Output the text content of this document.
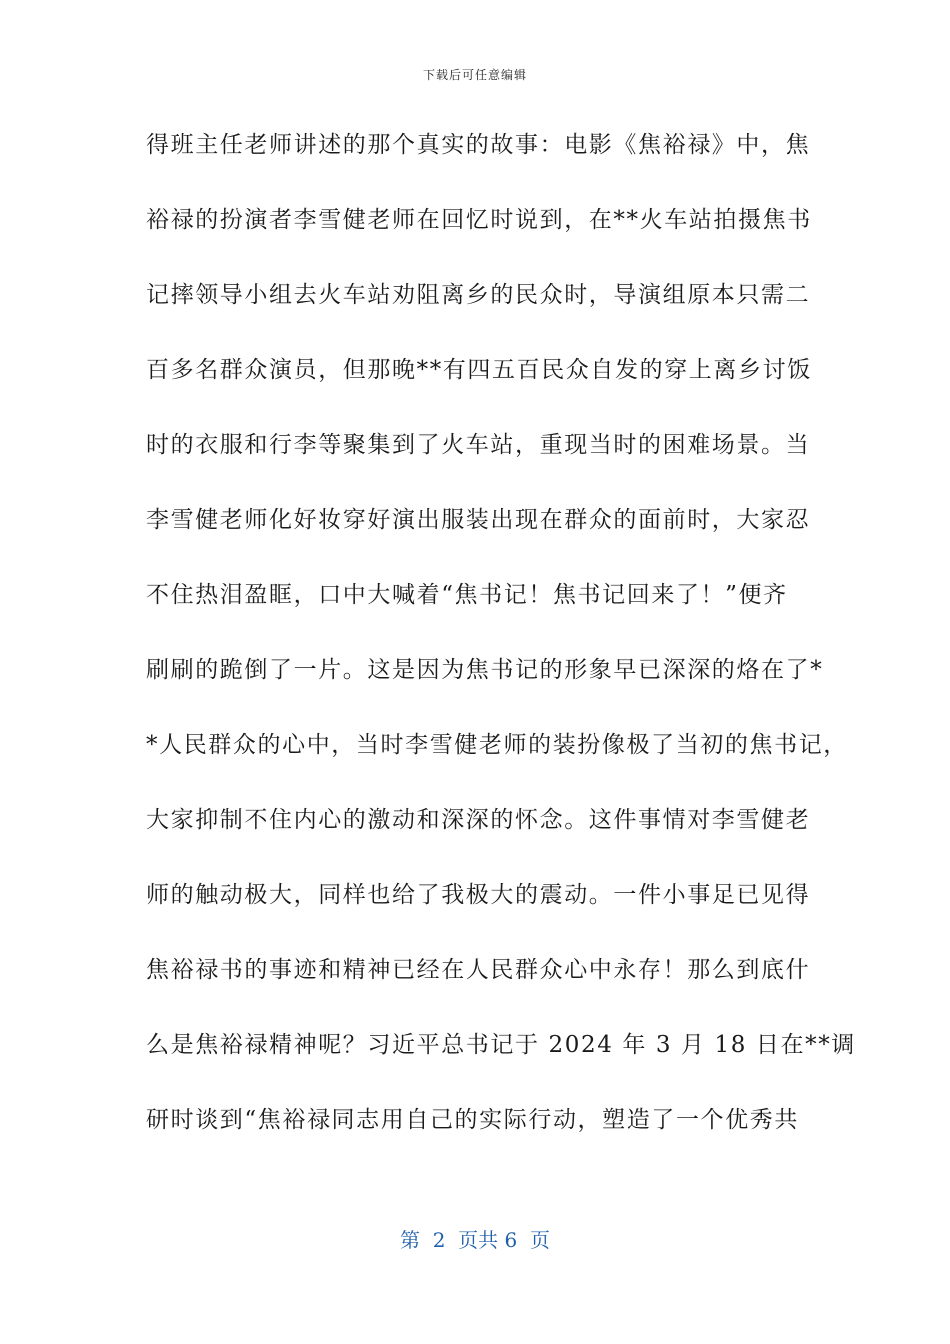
下载后可任意编辑
得班主任老师讲述的那个真实的故事：电影《焦裕禄》中，焦
裕禄的扮演者李雪健老师在回忆时说到，在**火车站拍摄焦书
记摔领导小组去火车站劝阻离乡的民众时，导演组原本只需二
百多名群众演员，但那晚**有四五百民众自发的穿上离乡讨饭
时的衣服和行李等聚集到了火车站，重现当时的困难场景。当
李雪健老师化好妆穿好演出服装出现在群众的面前时，大家忍
不住热泪盈眶，口中大喊着“焦书记！焦书记回来了！”便齐
刷刷的跪倒了一片。这是因为焦书记的形象早已深深的烙在了*
*人民群众的心中，当时李雪健老师的装扮像极了当初的焦书记，
大家抑制不住内心的激动和深深的怀念。这件事情对李雪健老
师的触动极大，同样也给了我极大的震动。一件小事足已见得
焦裕禄书的事迹和精神已经在人民群众心中永存！那么到底什
么是焦裕禄精神呢？习近平总书记于 2024 年 3 月 18 日在**调
研时谈到“焦裕禄同志用自己的实际行动，塑造了一个优秀共
第  2  页共 6  页
